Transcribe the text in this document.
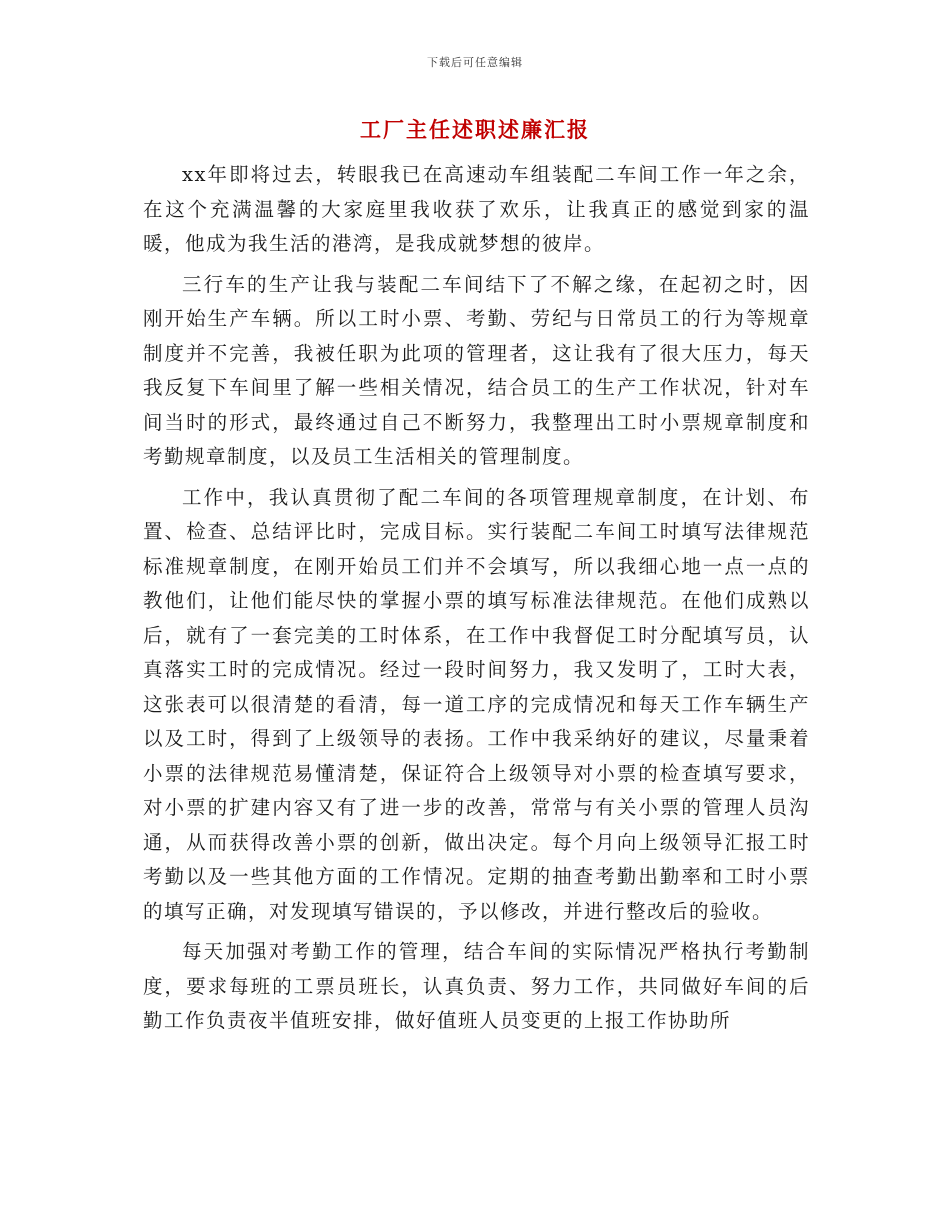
下载后可任意编辑
工厂主任述职述廉汇报

xx年即将过去，转眼我已在高速动车组装配二车间工作一年之余，在这个充满温馨的大家庭里我收获了欢乐，让我真正的感觉到家的温暖，他成为我生活的港湾，是我成就梦想的彼岸。

三行车的生产让我与装配二车间结下了不解之缘，在起初之时，因刚开始生产车辆。所以工时小票、考勤、劳纪与日常员工的行为等规章制度并不完善，我被任职为此项的管理者，这让我有了很大压力，每天我反复下车间里了解一些相关情况，结合员工的生产工作状况，针对车间当时的形式，最终通过自己不断努力，我整理出工时小票规章制度和考勤规章制度，以及员工生活相关的管理制度。

工作中，我认真贯彻了配二车间的各项管理规章制度，在计划、布置、检查、总结评比时，完成目标。实行装配二车间工时填写法律规范标准规章制度，在刚开始员工们并不会填写，所以我细心地一点一点的教他们，让他们能尽快的掌握小票的填写标准法律规范。在他们成熟以后，就有了一套完美的工时体系，在工作中我督促工时分配填写员，认真落实工时的完成情况。经过一段时间努力，我又发明了，工时大表，这张表可以很清楚的看清，每一道工序的完成情况和每天工作车辆生产以及工时，得到了上级领导的表扬。工作中我采纳好的建议，尽量秉着小票的法律规范易懂清楚，保证符合上级领导对小票的检查填写要求，对小票的扩建内容又有了进一步的改善，常常与有关小票的管理人员沟通，从而获得改善小票的创新，做出决定。每个月向上级领导汇报工时考勤以及一些其他方面的工作情况。定期的抽查考勤出勤率和工时小票的填写正确，对发现填写错误的，予以修改，并进行整改后的验收。

每天加强对考勤工作的管理，结合车间的实际情况严格执行考勤制度，要求每班的工票员班长，认真负责、努力工作，共同做好车间的后勤工作负责夜半值班安排，做好值班人员变更的上报工作协助所
